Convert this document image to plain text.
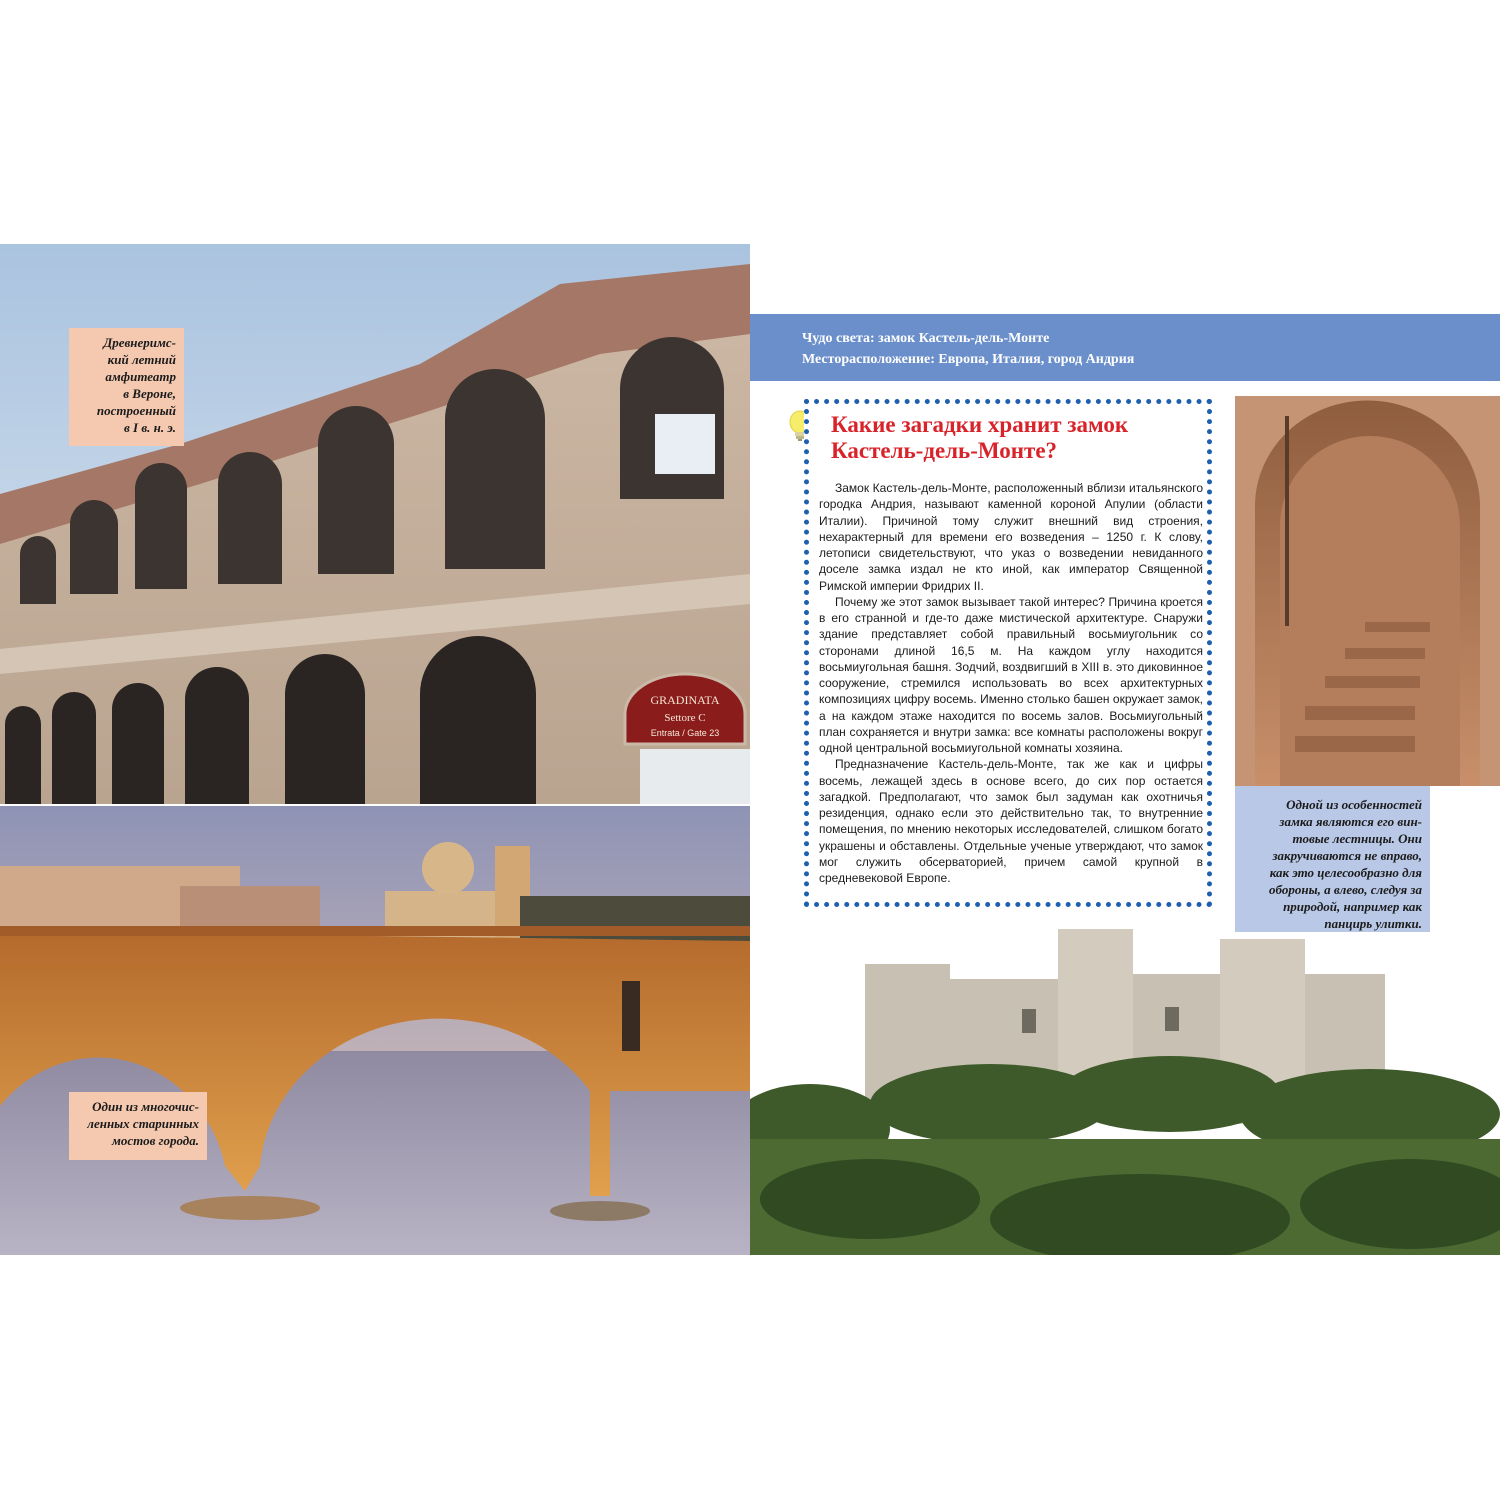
GRADINATA
Settore C
Entrata / Gate 23
Чудо света: замок Кастель-дель-Монте
Месторасположение: Европа, Италия, город Андрия
Какие загадки хранит замок Кастель-дель-Монте?

Замок Кастель-дель-Монте, расположенный вблизи итальянского городка Андрия, называют каменной короной Апулии (области Италии). Причиной тому служит внешний вид строения, нехарактерный для времени его возведения – 1250 г. К слову, летописи свидетельствуют, что указ о возведении невиданного доселе замка издал не кто иной, как император Священной Римской империи Фридрих II.

Почему же этот замок вызывает такой интерес? Причина кроется в его странной и где-то даже мистической архитектуре. Снаружи здание представляет собой правильный восьмиугольник со сторонами длиной 16,5 м. На каждом углу находится восьмиугольная башня. Зодчий, воздвигший в XIII в. это диковинное сооружение, стремился использовать во всех архитектурных композициях цифру восемь. Именно столько башен окружает замок, а на каждом этаже находится по восемь залов. Восьмиугольный план сохраняется и внутри замка: все комнаты расположены вокруг одной центральной восьмиугольной комнаты хозяина.

Предназначение Кастель-дель-Монте, так же как и цифры восемь, лежащей здесь в основе всего, до сих пор остается загадкой. Предполагают, что замок был задуман как охотничья резиденция, однако если это действительно так, то внутренние помещения, по мнению некоторых исследователей, слишком богато украшены и обставлены. Отдельные ученые утверждают, что замок мог служить обсерваторией, причем самой крупной в средневековой Европе.

Древнеримс-
кий летний
амфитеатр
в Вероне,
построенный
в I в. н. э.
Один из многочис-
ленных старинных
мостов города.
Одной из особенностей
замка являются его вин-
товые лестницы. Они
закручиваются не вправо,
как это целесообразно для
обороны, а влево, следуя за
природой, например как
панцирь улитки.
